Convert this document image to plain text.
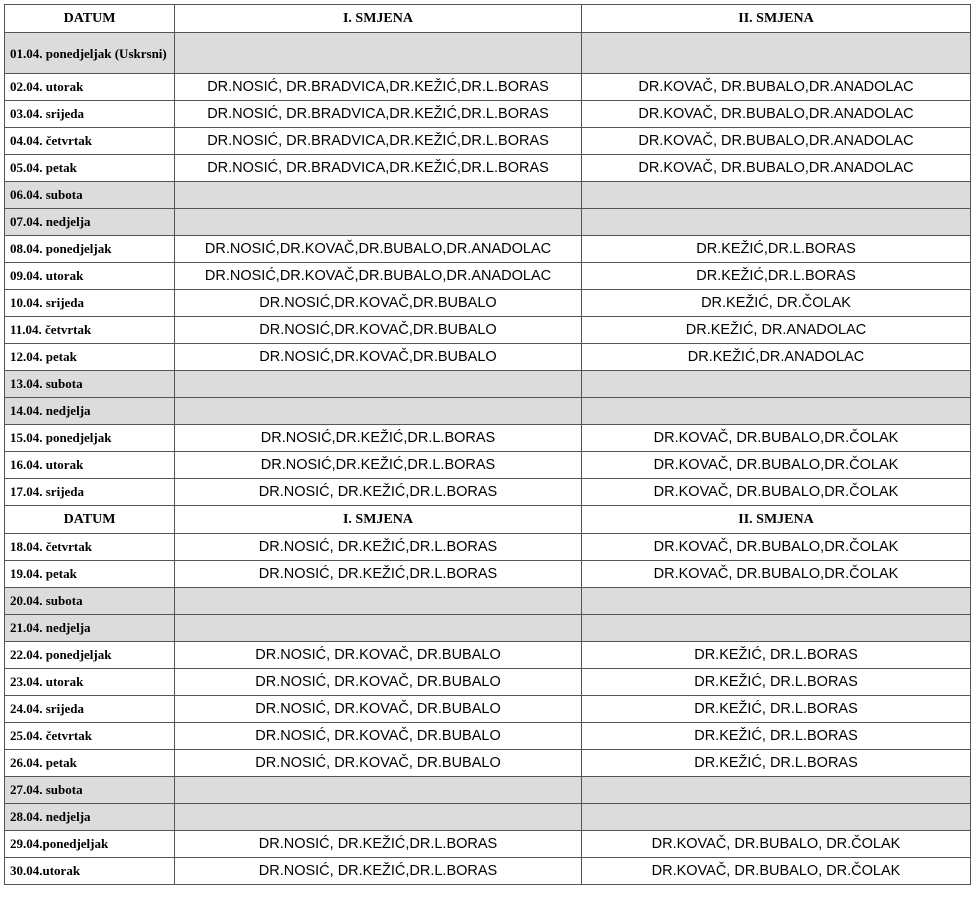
DATUM	I. SMJENA	II. SMJENA
01.04. ponedjeljak (Uskrsni)		
02.04. utorak	DR.NOSIĆ, DR.BRADVICA,DR.KEŽIĆ,DR.L.BORAS	DR.KOVAČ, DR.BUBALO,DR.ANADOLAC
03.04. srijeda	DR.NOSIĆ, DR.BRADVICA,DR.KEŽIĆ,DR.L.BORAS	DR.KOVAČ, DR.BUBALO,DR.ANADOLAC
04.04. četvrtak	DR.NOSIĆ, DR.BRADVICA,DR.KEŽIĆ,DR.L.BORAS	DR.KOVAČ, DR.BUBALO,DR.ANADOLAC
05.04. petak	DR.NOSIĆ, DR.BRADVICA,DR.KEŽIĆ,DR.L.BORAS	DR.KOVAČ, DR.BUBALO,DR.ANADOLAC
06.04. subota		
07.04. nedjelja		
08.04. ponedjeljak	DR.NOSIĆ,DR.KOVAČ,DR.BUBALO,DR.ANADOLAC	DR.KEŽIĆ,DR.L.BORAS
09.04. utorak	DR.NOSIĆ,DR.KOVAČ,DR.BUBALO,DR.ANADOLAC	DR.KEŽIĆ,DR.L.BORAS
10.04. srijeda	DR.NOSIĆ,DR.KOVAČ,DR.BUBALO	DR.KEŽIĆ, DR.ČOLAK
11.04. četvrtak	DR.NOSIĆ,DR.KOVAČ,DR.BUBALO	DR.KEŽIĆ, DR.ANADOLAC
12.04. petak	DR.NOSIĆ,DR.KOVAČ,DR.BUBALO	DR.KEŽIĆ,DR.ANADOLAC
13.04. subota		
14.04. nedjelja		
15.04. ponedjeljak	DR.NOSIĆ,DR.KEŽIĆ,DR.L.BORAS	DR.KOVAČ, DR.BUBALO,DR.ČOLAK
16.04. utorak	DR.NOSIĆ,DR.KEŽIĆ,DR.L.BORAS	DR.KOVAČ, DR.BUBALO,DR.ČOLAK
17.04. srijeda	DR.NOSIĆ, DR.KEŽIĆ,DR.L.BORAS	DR.KOVAČ, DR.BUBALO,DR.ČOLAK
DATUM	I. SMJENA	II. SMJENA
18.04. četvrtak	DR.NOSIĆ, DR.KEŽIĆ,DR.L.BORAS	DR.KOVAČ, DR.BUBALO,DR.ČOLAK
19.04. petak	DR.NOSIĆ, DR.KEŽIĆ,DR.L.BORAS	DR.KOVAČ, DR.BUBALO,DR.ČOLAK
20.04. subota		
21.04. nedjelja		
22.04. ponedjeljak	DR.NOSIĆ, DR.KOVAČ, DR.BUBALO	DR.KEŽIĆ, DR.L.BORAS
23.04. utorak	DR.NOSIĆ, DR.KOVAČ, DR.BUBALO	DR.KEŽIĆ, DR.L.BORAS
24.04. srijeda	DR.NOSIĆ, DR.KOVAČ, DR.BUBALO	DR.KEŽIĆ, DR.L.BORAS
25.04. četvrtak	DR.NOSIĆ, DR.KOVAČ, DR.BUBALO	DR.KEŽIĆ, DR.L.BORAS
26.04. petak	DR.NOSIĆ, DR.KOVAČ, DR.BUBALO	DR.KEŽIĆ, DR.L.BORAS
27.04. subota		
28.04. nedjelja		
29.04.ponedjeljak	DR.NOSIĆ, DR.KEŽIĆ,DR.L.BORAS	DR.KOVAČ, DR.BUBALO, DR.ČOLAK
30.04.utorak	DR.NOSIĆ, DR.KEŽIĆ,DR.L.BORAS	DR.KOVAČ, DR.BUBALO, DR.ČOLAK
